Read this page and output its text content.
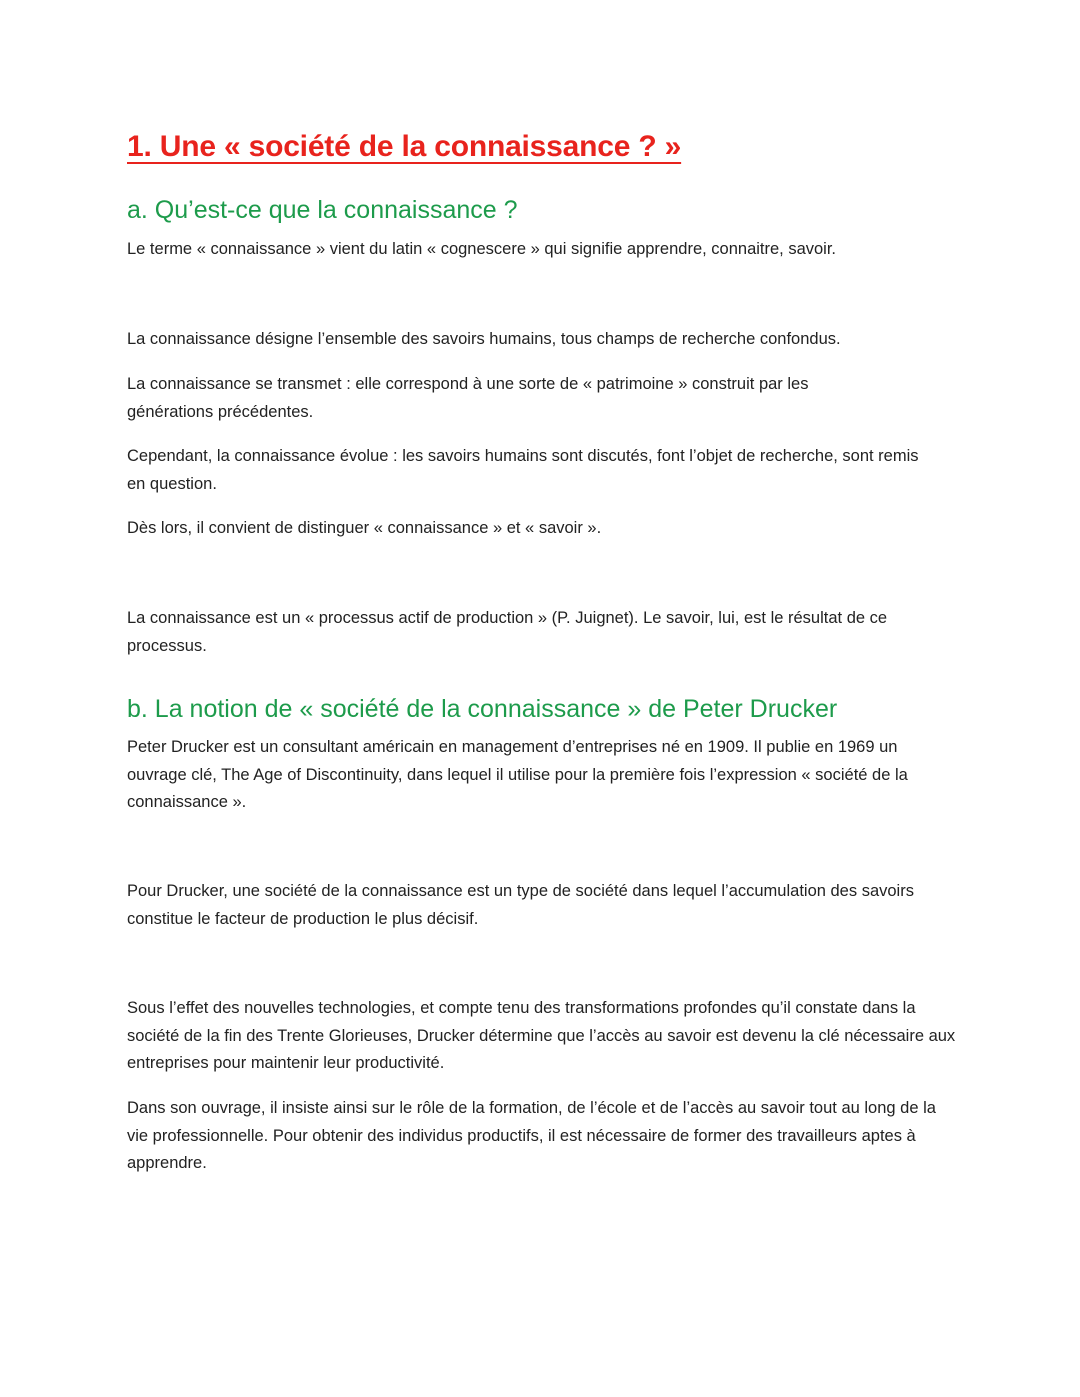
1. Une « société de la connaissance ? »
a. Qu’est-ce que la connaissance ?

Le terme « connaissance » vient du latin « cognescere » qui signifie apprendre, connaitre, savoir.

La connaissance désigne l’ensemble des savoirs humains, tous champs de recherche confondus.

La connaissance se transmet : elle correspond à une sorte de « patrimoine » construit par les générations précédentes.

Cependant, la connaissance évolue : les savoirs humains sont discutés, font l’objet de recherche, sont remis en question.

Dès lors, il convient de distinguer « connaissance » et « savoir ».

La connaissance est un « processus actif de production » (P. Juignet). Le savoir, lui, est le résultat de ce processus.

b. La notion de « société de la connaissance » de Peter Drucker

Peter Drucker est un consultant américain en management d’entreprises né en 1909. Il publie en 1969 un ouvrage clé, The Age of Discontinuity, dans lequel il utilise pour la première fois l’expression « société de la connaissance ».

Pour Drucker, une société de la connaissance est un type de société dans lequel l’accumulation des savoirs constitue le facteur de production le plus décisif.

Sous l’effet des nouvelles technologies, et compte tenu des transformations profondes qu’il constate dans la société de la fin des Trente Glorieuses, Drucker détermine que l’accès au savoir est devenu la clé nécessaire aux entreprises pour maintenir leur productivité.

Dans son ouvrage, il insiste ainsi sur le rôle de la formation, de l’école et de l’accès au savoir tout au long de la vie professionnelle. Pour obtenir des individus productifs, il est nécessaire de former des travailleurs aptes à apprendre.
